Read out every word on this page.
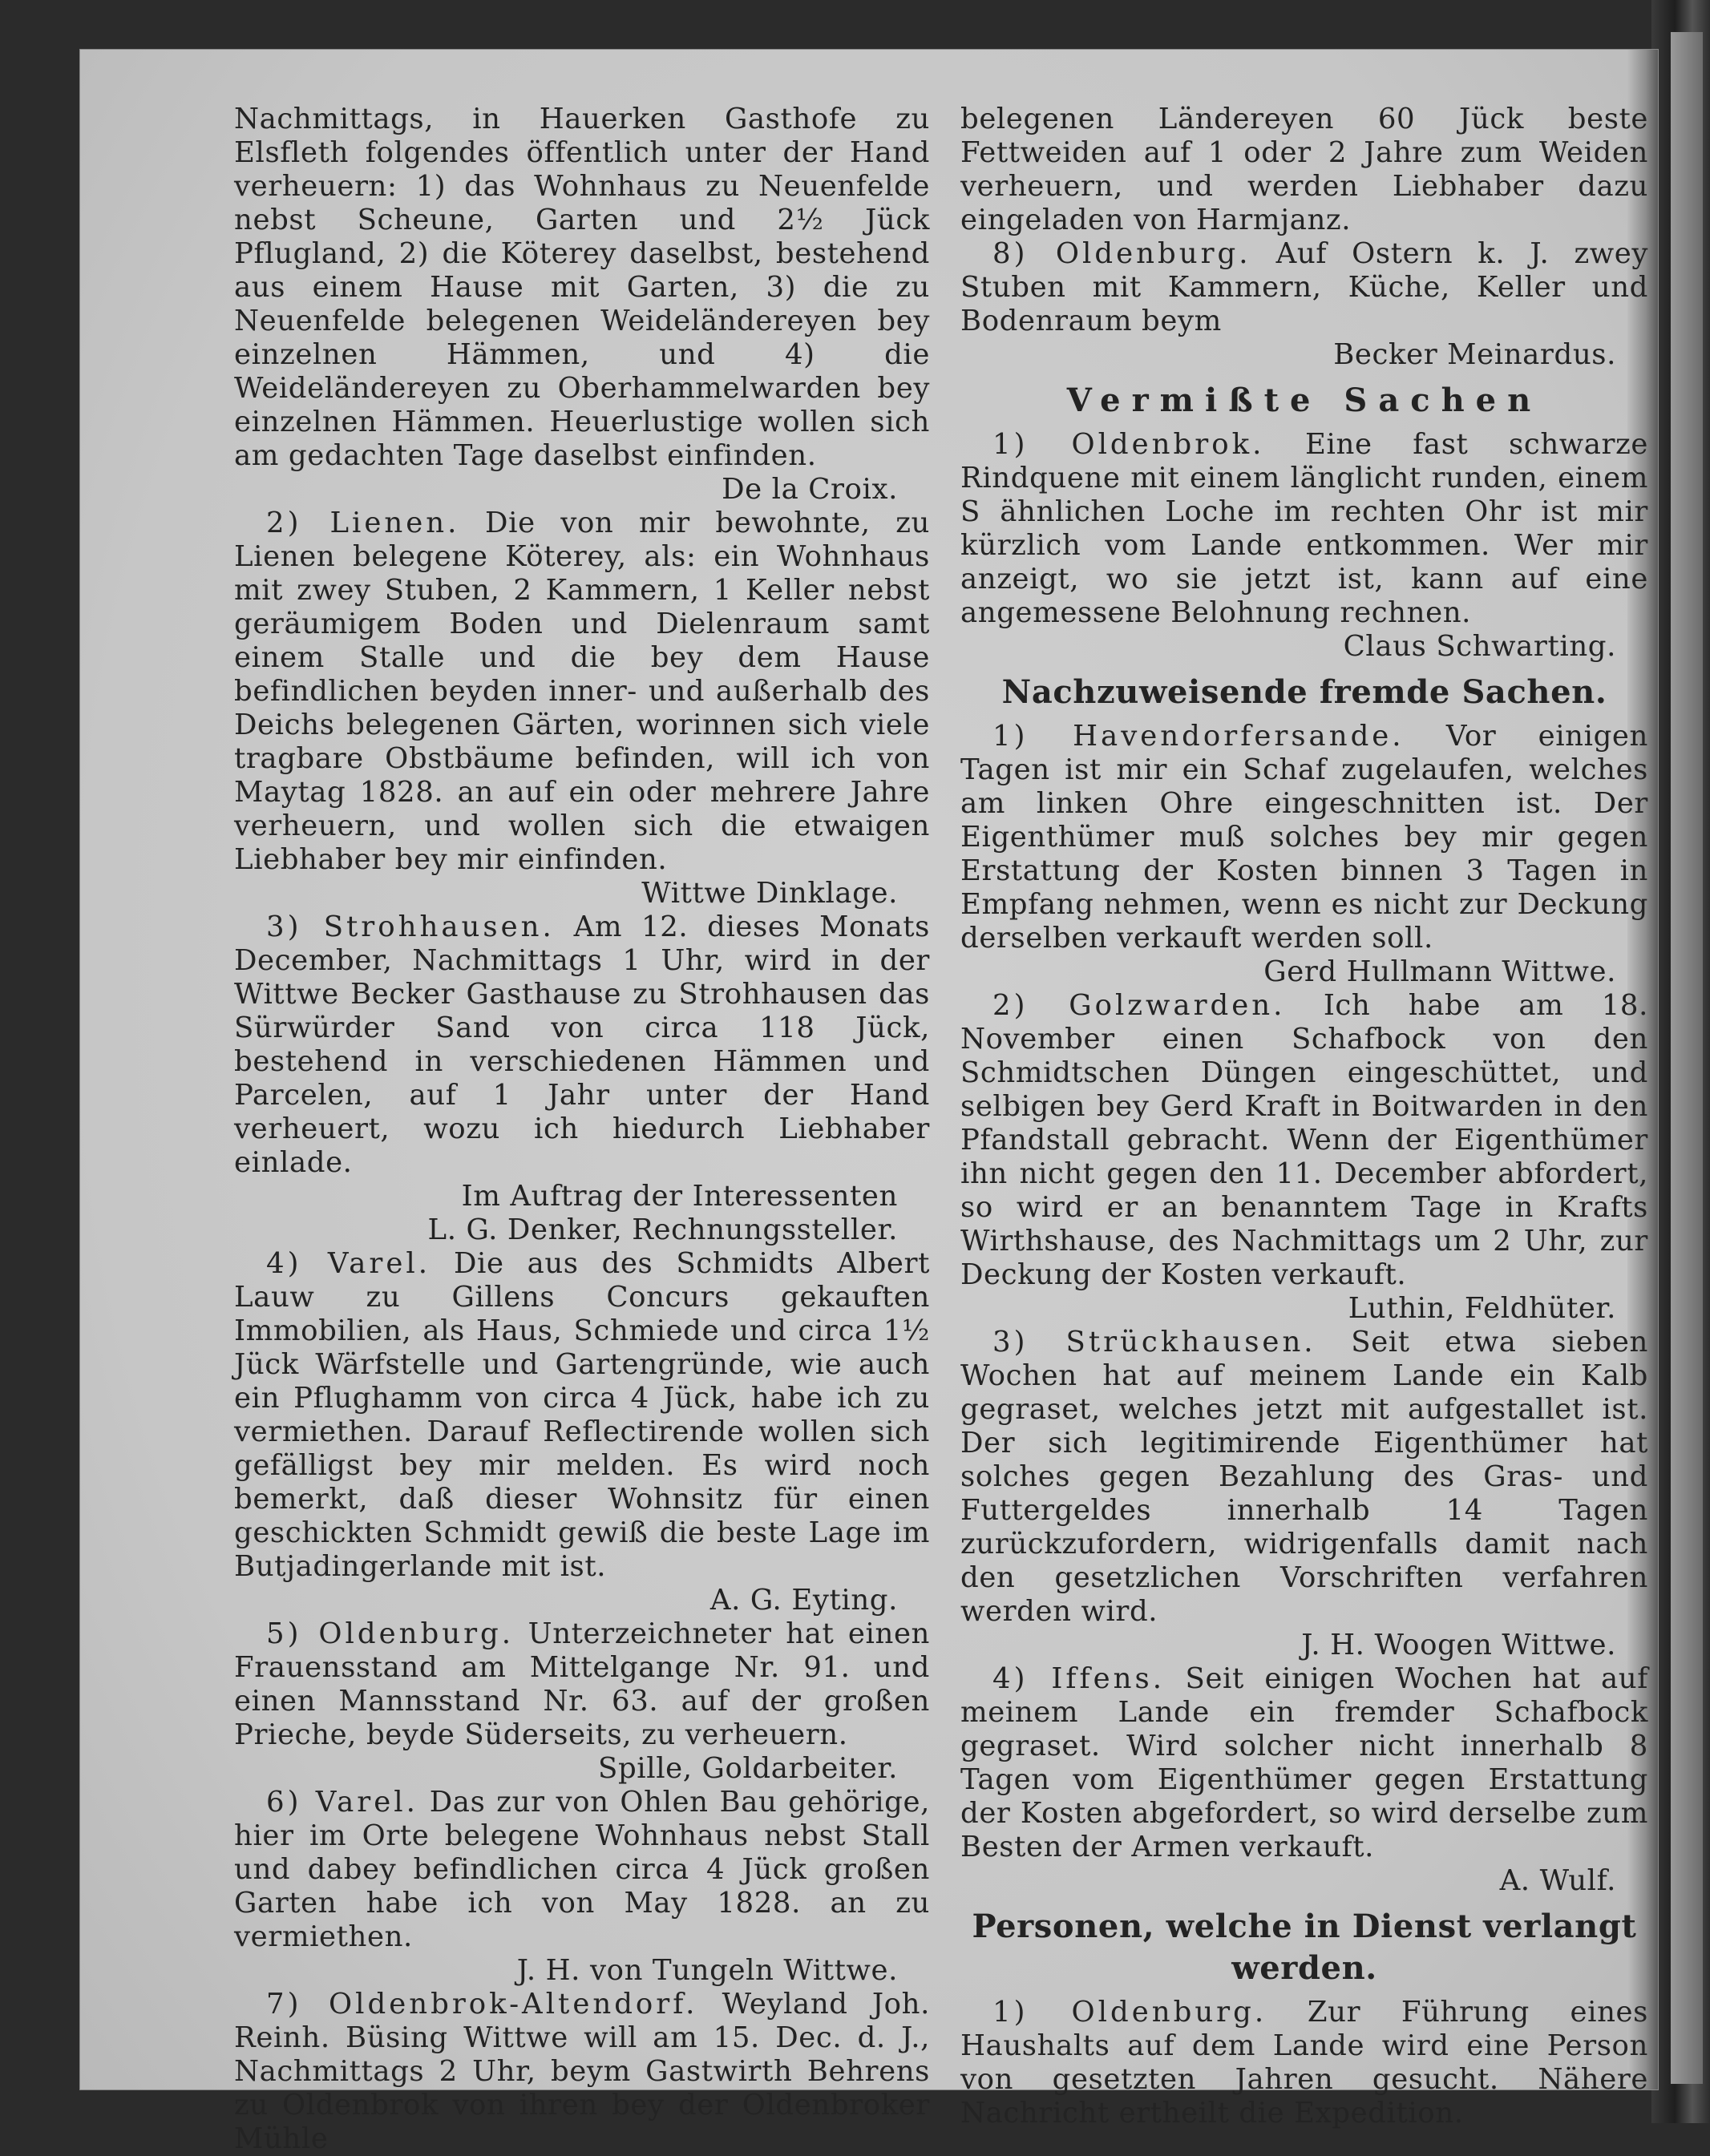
Nachmittags, in Hauerken Gasthofe zu Elsfleth folgendes öffentlich unter der Hand verheuern: 1) das Wohnhaus zu Neuenfelde nebst Scheune, Garten und 2½ Jück Pflugland, 2) die Köterey daselbst, bestehend aus einem Hause mit Garten, 3) die zu Neuenfelde belegenen Weideländereyen bey einzelnen Hämmen, und 4) die Weideländereyen zu Oberhammelwarden bey einzelnen Hämmen. Heuerlustige wollen sich am gedachten Tage daselbst einfinden.

De la Croix.

2) Lienen. Die von mir bewohnte, zu Lienen belegene Köterey, als: ein Wohnhaus mit zwey Stuben, 2 Kammern, 1 Keller nebst geräumigem Boden und Dielenraum samt einem Stalle und die bey dem Hause befindlichen beyden inner- und außerhalb des Deichs belegenen Gärten, worinnen sich viele tragbare Obstbäume befinden, will ich von Maytag 1828. an auf ein oder mehrere Jahre verheuern, und wollen sich die etwaigen Liebhaber bey mir einfinden.

Wittwe Dinklage.

3) Strohhausen. Am 12. dieses Monats December, Nachmittags 1 Uhr, wird in der Wittwe Becker Gasthause zu Strohhausen das Sürwürder Sand von circa 118 Jück, bestehend in verschiedenen Hämmen und Parcelen, auf 1 Jahr unter der Hand verheuert, wozu ich hiedurch Liebhaber einlade.

Im Auftrag der Interessenten

L. G. Denker, Rechnungssteller.

4) Varel. Die aus des Schmidts Albert Lauw zu Gillens Concurs gekauften Immobilien, als Haus, Schmiede und circa 1½ Jück Wärfstelle und Gartengründe, wie auch ein Pflughamm von circa 4 Jück, habe ich zu vermiethen. Darauf Reflectirende wollen sich gefälligst bey mir melden. Es wird noch bemerkt, daß dieser Wohnsitz für einen geschickten Schmidt gewiß die beste Lage im Butjadingerlande mit ist.

A. G. Eyting.

5) Oldenburg. Unterzeichneter hat einen Frauensstand am Mittelgange Nr. 91. und einen Mannsstand Nr. 63. auf der großen Prieche, beyde Süderseits, zu verheuern.

Spille, Goldarbeiter.

6) Varel. Das zur von Ohlen Bau gehörige, hier im Orte belegene Wohnhaus nebst Stall und dabey befindlichen circa 4 Jück großen Garten habe ich von May 1828. an zu vermiethen.

J. H. von Tungeln Wittwe.

7) Oldenbrok-Altendorf. Weyland Joh. Reinh. Büsing Wittwe will am 15. Dec. d. J., Nachmittags 2 Uhr, beym Gastwirth Behrens zu Oldenbrok von ihren bey der Oldenbroker Mühle

belegenen Ländereyen 60 Jück beste Fettweiden auf 1 oder 2 Jahre zum Weiden verheuern, und werden Liebhaber dazu eingeladen von Harmjanz.

8) Oldenburg. Auf Ostern k. J. zwey Stuben mit Kammern, Küche, Keller und Bodenraum beym

Becker Meinardus.

Vermißte Sachen

1) Oldenbrok. Eine fast schwarze Rindquene mit einem länglicht runden, einem S ähnlichen Loche im rechten Ohr ist mir kürzlich vom Lande entkommen. Wer mir anzeigt, wo sie jetzt ist, kann auf eine angemessene Belohnung rechnen.

Claus Schwarting.

Nachzuweisende fremde Sachen.

1) Havendorfersande. Vor einigen Tagen ist mir ein Schaf zugelaufen, welches am linken Ohre eingeschnitten ist. Der Eigenthümer muß solches bey mir gegen Erstattung der Kosten binnen 3 Tagen in Empfang nehmen, wenn es nicht zur Deckung derselben verkauft werden soll.

Gerd Hullmann Wittwe.

2) Golzwarden. Ich habe am 18. November einen Schafbock von den Schmidtschen Düngen eingeschüttet, und selbigen bey Gerd Kraft in Boitwarden in den Pfandstall gebracht. Wenn der Eigenthümer ihn nicht gegen den 11. December abfordert, so wird er an benanntem Tage in Krafts Wirthshause, des Nachmittags um 2 Uhr, zur Deckung der Kosten verkauft.

Luthin, Feldhüter.

3) Strückhausen. Seit etwa sieben Wochen hat auf meinem Lande ein Kalb gegraset, welches jetzt mit aufgestallet ist. Der sich legitimirende Eigenthümer hat solches gegen Bezahlung des Gras- und Futtergeldes innerhalb 14 Tagen zurückzufordern, widrigenfalls damit nach den gesetzlichen Vorschriften verfahren werden wird.

J. H. Woogen Wittwe.

4) Iffens. Seit einigen Wochen hat auf meinem Lande ein fremder Schafbock gegraset. Wird solcher nicht innerhalb 8 Tagen vom Eigenthümer gegen Erstattung der Kosten abgefordert, so wird derselbe zum Besten der Armen verkauft.

A. Wulf.

Personen, welche in Dienst verlangt werden.

1) Oldenburg. Zur Führung eines Haushalts auf dem Lande wird eine Person von gesetzten Jahren gesucht. Nähere Nachricht ertheilt die Expedition.
